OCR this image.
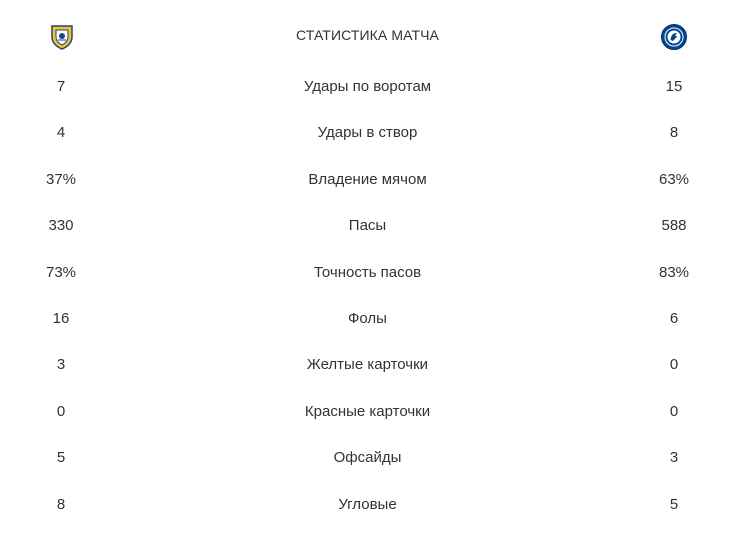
СТАТИСТИКА МАТЧА
7	Удары по воротам	15
4	Удары в створ	8
37%	Владение мячом	63%
330	Пасы	588
73%	Точность пасов	83%
16	Фолы	6
3	Желтые карточки	0
0	Красные карточки	0
5	Офсайды	3
8	Угловые	5
